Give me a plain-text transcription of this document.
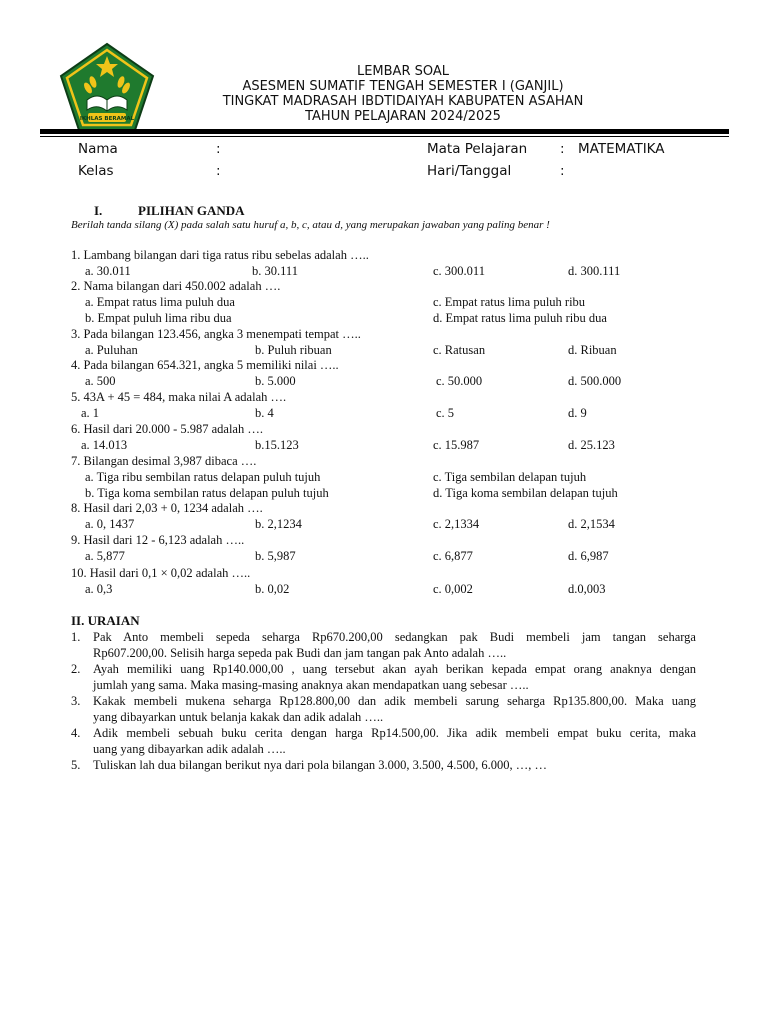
IKHLAS BERAMAL
LEMBAR SOAL
ASESMEN SUMATIF TENGAH SEMESTER I (GANJIL)
TINGKAT MADRASAH IBDTIDAIYAH KABUPATEN ASAHAN
TAHUN PELAJARAN 2024/2025
Nama	:
Kelas	:
Mata Pelajaran : MATEMATIKA
Hari/Tanggal	:
I.	PILIHAN GANDA
Berilah tanda silang (X) pada salah satu huruf a, b, c, atau d, yang merupakan jawaban yang paling benar !
1. Lambang bilangan dari tiga ratus ribu sebelas adalah …..
a. 30.011	b. 30.111	c. 300.011	d. 300.111
2. Nama bilangan dari 450.002 adalah ….
a. Empat ratus lima puluh dua	c. Empat ratus lima puluh ribu
b. Empat puluh lima ribu dua	d. Empat ratus lima puluh ribu dua
3. Pada bilangan 123.456, angka 3 menempati tempat …..
a. Puluhan	b. Puluh ribuan	c. Ratusan	d. Ribuan
4. Pada bilangan 654.321, angka 5 memiliki nilai …..
a. 500	b. 5.000	c. 50.000	d. 500.000
5. 43A + 45 = 484, maka nilai A adalah ….
a. 1	b. 4	c. 5	d. 9
6. Hasil dari 20.000 - 5.987 adalah ….
a. 14.013	b.15.123	c. 15.987	d. 25.123
7. Bilangan desimal 3,987 dibaca ….
a. Tiga ribu sembilan ratus delapan puluh tujuh	c. Tiga sembilan delapan tujuh
b. Tiga koma sembilan ratus delapan puluh tujuh	d. Tiga koma sembilan delapan tujuh
8. Hasil dari 2,03 + 0, 1234 adalah ….
a. 0, 1437	b. 2,1234	c. 2,1334	d. 2,1534
9. Hasil dari 12 - 6,123 adalah …..
a. 5,877	b. 5,987	c. 6,877	d. 6,987
10. Hasil dari 0,1 × 0,02 adalah …..
a. 0,3	b. 0,02	c. 0,002	d.0,003
II. URAIAN
1. Pak Anto membeli sepeda seharga Rp670.200,00 sedangkan pak Budi membeli jam tangan seharga
Rp607.200,00. Selisih harga sepeda pak Budi dan jam tangan pak Anto adalah …..
2. Ayah memiliki uang Rp140.000,00 , uang tersebut akan ayah berikan kepada empat orang anaknya dengan
jumlah yang sama. Maka masing-masing anaknya akan mendapatkan uang sebesar …..
3. Kakak membeli mukena seharga Rp128.800,00 dan adik membeli sarung seharga Rp135.800,00. Maka uang
yang dibayarkan untuk belanja kakak dan adik adalah …..
4. Adik membeli sebuah buku cerita dengan harga Rp14.500,00. Jika adik membeli empat buku cerita, maka
uang yang dibayarkan adik adalah …..
5. Tuliskan lah dua bilangan berikut nya dari pola bilangan 3.000, 3.500, 4.500, 6.000, …, …
